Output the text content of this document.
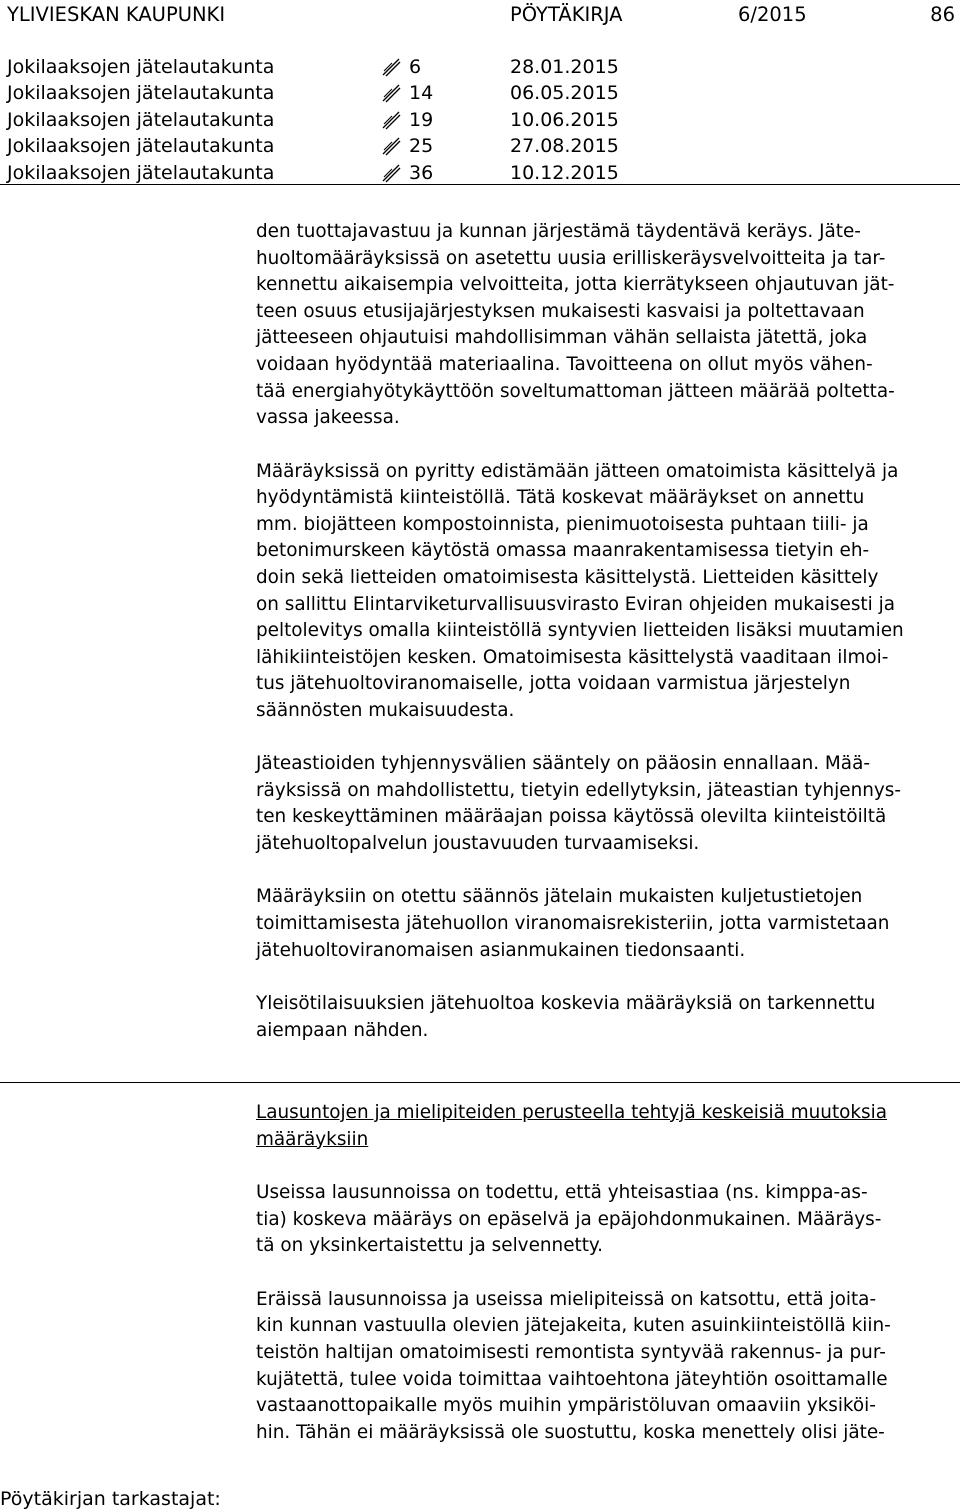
YLIVIESKAN KAUPUNKI	PÖYTÄKIRJA	6/2015	86
Jokilaaksojen jätelautakunta	6	28.01.2015
Jokilaaksojen jätelautakunta	14	06.05.2015
Jokilaaksojen jätelautakunta	19	10.06.2015
Jokilaaksojen jätelautakunta	25	27.08.2015
Jokilaaksojen jätelautakunta	36	10.12.2015

den tuottajavastuu ja kunnan järjestämä täydentävä keräys. Jäte-
huoltomääräyksissä on asetettu uusia erilliskeräysvelvoitteita ja tar-
kennettu aikaisempia velvoitteita, jotta kierrätykseen ohjautuvan jät-
teen osuus etusijajärjestyksen mukaisesti kasvaisi ja poltettavaan
jätteeseen ohjautuisi mahdollisimman vähän sellaista jätettä, joka
voidaan hyödyntää materiaalina. Tavoitteena on ollut myös vähen-
tää energiahyötykäyttöön soveltumattoman jätteen määrää poltetta-
vassa jakeessa.

Määräyksissä on pyritty edistämään jätteen omatoimista käsittelyä ja
hyödyntämistä kiinteistöllä. Tätä koskevat määräykset on annettu
mm. biojätteen kompostoinnista, pienimuotoisesta puhtaan tiili- ja
betonimurskeen käytöstä omassa maanrakentamisessa tietyin eh-
doin sekä lietteiden omatoimisesta käsittelystä. Lietteiden käsittely
on sallittu Elintarviketurvallisuusvirasto Eviran ohjeiden mukaisesti ja
peltolevitys omalla kiinteistöllä syntyvien lietteiden lisäksi muutamien
lähikiinteistöjen kesken. Omatoimisesta käsittelystä vaaditaan ilmoi-
tus jätehuoltoviranomaiselle, jotta voidaan varmistua järjestelyn
säännösten mukaisuudesta.

Jäteastioiden tyhjennysvälien sääntely on pääosin ennallaan. Mää-
räyksissä on mahdollistettu, tietyin edellytyksin, jäteastian tyhjennys-
ten keskeyttäminen määräajan poissa käytössä olevilta kiinteistöiltä
jätehuoltopalvelun joustavuuden turvaamiseksi.

Määräyksiin on otettu säännös jätelain mukaisten kuljetustietojen
toimittamisesta jätehuollon viranomaisrekisteriin, jotta varmistetaan
jätehuoltoviranomaisen asianmukainen tiedonsaanti.

Yleisötilaisuuksien jätehuoltoa koskevia määräyksiä on tarkennettu
aiempaan nähden.

Lausuntojen ja mielipiteiden perusteella tehtyjä keskeisiä muutoksia
määräyksiin

Useissa lausunnoissa on todettu, että yhteisastiaa (ns. kimppa-as-
tia) koskeva määräys on epäselvä ja epäjohdonmukainen. Määräys-
tä on yksinkertaistettu ja selvennetty.

Eräissä lausunnoissa ja useissa mielipiteissä on katsottu, että joita-
kin kunnan vastuulla olevien jätejakeita, kuten asuinkiinteistöllä kiin-
teistön haltijan omatoimisesti remontista syntyvää rakennus- ja pur-
kujätettä, tulee voida toimittaa vaihtoehtona jäteyhtiön osoittamalle
vastaanottopaikalle myös muihin ympäristöluvan omaaviin yksiköi-
hin. Tähän ei määräyksissä ole suostuttu, koska menettely olisi jäte-

Pöytäkirjan tarkastajat:
